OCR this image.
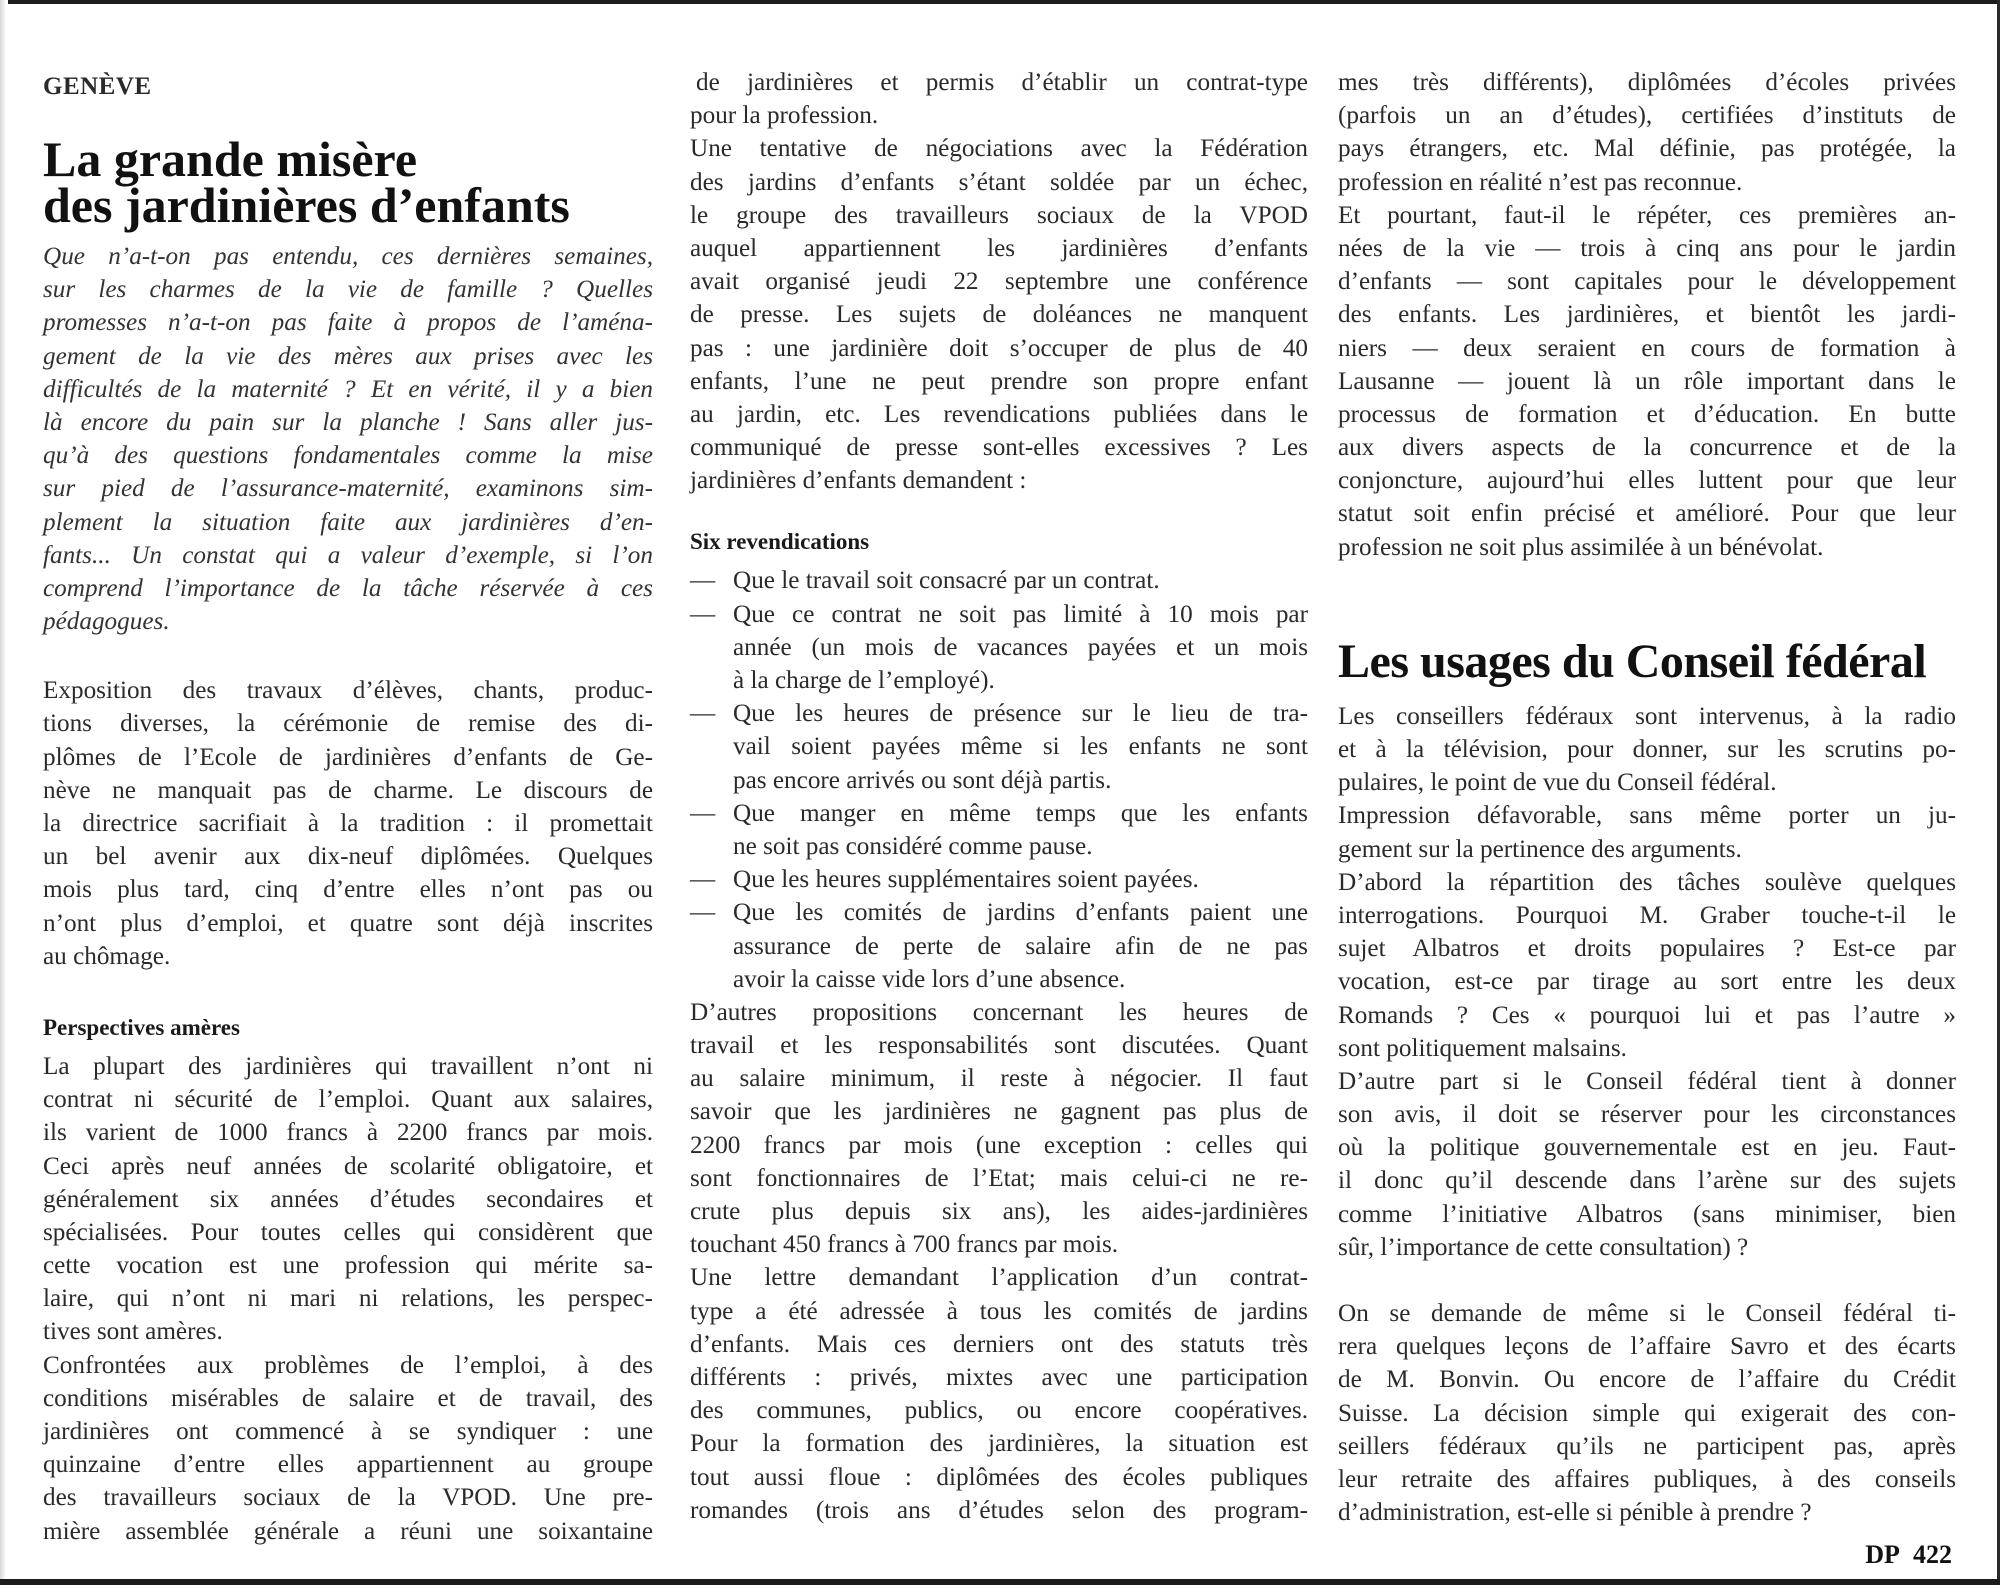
GENÈVE
La grande misère
des jardinières d’enfants
Que n’a-t-on pas entendu, ces dernières semaines,
sur les charmes de la vie de famille ? Quelles
promesses n’a-t-on pas faite à propos de l’aména-
gement de la vie des mères aux prises avec les
difficultés de la maternité ? Et en vérité, il y a bien
là encore du pain sur la planche ! Sans aller jus-
qu’à des questions fondamentales comme la mise
sur pied de l’assurance-maternité, examinons sim-
plement la situation faite aux jardinières d’en-
fants... Un constat qui a valeur d’exemple, si l’on
comprend l’importance de la tâche réservée à ces
pédagogues.
Exposition des travaux d’élèves, chants, produc-
tions diverses, la cérémonie de remise des di-
plômes de l’Ecole de jardinières d’enfants de Ge-
nève ne manquait pas de charme. Le discours de
la directrice sacrifiait à la tradition : il promettait
un bel avenir aux dix-neuf diplômées. Quelques
mois plus tard, cinq d’entre elles n’ont pas ou
n’ont plus d’emploi, et quatre sont déjà inscrites
au chômage.
Perspectives amères
La plupart des jardinières qui travaillent n’ont ni
contrat ni sécurité de l’emploi. Quant aux salaires,
ils varient de 1000 francs à 2200 francs par mois.
Ceci après neuf années de scolarité obligatoire, et
généralement six années d’études secondaires et
spécialisées. Pour toutes celles qui considèrent que
cette vocation est une profession qui mérite sa-
laire, qui n’ont ni mari ni relations, les perspec-
tives sont amères.
Confrontées aux problèmes de l’emploi, à des
conditions misérables de salaire et de travail, des
jardinières ont commencé à se syndiquer : une
quinzaine d’entre elles appartiennent au groupe
des travailleurs sociaux de la VPOD. Une pre-
mière assemblée générale a réuni une soixantaine
de jardinières et permis d’établir un contrat-type
pour la profession.
Une tentative de négociations avec la Fédération
des jardins d’enfants s’étant soldée par un échec,
le groupe des travailleurs sociaux de la VPOD
auquel appartiennent les jardinières d’enfants
avait organisé jeudi 22 septembre une conférence
de presse. Les sujets de doléances ne manquent
pas : une jardinière doit s’occuper de plus de 40
enfants, l’une ne peut prendre son propre enfant
au jardin, etc. Les revendications publiées dans le
communiqué de presse sont-elles excessives ? Les
jardinières d’enfants demandent :
Six revendications
— Que le travail soit consacré par un contrat.
— Que ce contrat ne soit pas limité à 10 mois par
année (un mois de vacances payées et un mois
à la charge de l’employé).
— Que les heures de présence sur le lieu de tra-
vail soient payées même si les enfants ne sont
pas encore arrivés ou sont déjà partis.
— Que manger en même temps que les enfants
ne soit pas considéré comme pause.
— Que les heures supplémentaires soient payées.
— Que les comités de jardins d’enfants paient une
assurance de perte de salaire afin de ne pas
avoir la caisse vide lors d’une absence.
D’autres propositions concernant les heures de
travail et les responsabilités sont discutées. Quant
au salaire minimum, il reste à négocier. Il faut
savoir que les jardinières ne gagnent pas plus de
2200 francs par mois (une exception : celles qui
sont fonctionnaires de l’Etat; mais celui-ci ne re-
crute plus depuis six ans), les aides-jardinières
touchant 450 francs à 700 francs par mois.
Une lettre demandant l’application d’un contrat-
type a été adressée à tous les comités de jardins
d’enfants. Mais ces derniers ont des statuts très
différents : privés, mixtes avec une participation
des communes, publics, ou encore coopératives.
Pour la formation des jardinières, la situation est
tout aussi floue : diplômées des écoles publiques
romandes (trois ans d’études selon des program-
mes très différents), diplômées d’écoles privées
(parfois un an d’études), certifiées d’instituts de
pays étrangers, etc. Mal définie, pas protégée, la
profession en réalité n’est pas reconnue.
Et pourtant, faut-il le répéter, ces premières an-
nées de la vie — trois à cinq ans pour le jardin
d’enfants — sont capitales pour le développement
des enfants. Les jardinières, et bientôt les jardi-
niers — deux seraient en cours de formation à
Lausanne — jouent là un rôle important dans le
processus de formation et d’éducation. En butte
aux divers aspects de la concurrence et de la
conjoncture, aujourd’hui elles luttent pour que leur
statut soit enfin précisé et amélioré. Pour que leur
profession ne soit plus assimilée à un bénévolat.
Les usages du Conseil fédéral
Les conseillers fédéraux sont intervenus, à la radio
et à la télévision, pour donner, sur les scrutins po-
pulaires, le point de vue du Conseil fédéral.
Impression défavorable, sans même porter un ju-
gement sur la pertinence des arguments.
D’abord la répartition des tâches soulève quelques
interrogations. Pourquoi M. Graber touche-t-il le
sujet Albatros et droits populaires ? Est-ce par
vocation, est-ce par tirage au sort entre les deux
Romands ? Ces « pourquoi lui et pas l’autre »
sont politiquement malsains.
D’autre part si le Conseil fédéral tient à donner
son avis, il doit se réserver pour les circonstances
où la politique gouvernementale est en jeu. Faut-
il donc qu’il descende dans l’arène sur des sujets
comme l’initiative Albatros (sans minimiser, bien
sûr, l’importance de cette consultation) ?
On se demande de même si le Conseil fédéral ti-
rera quelques leçons de l’affaire Savro et des écarts
de M. Bonvin. Ou encore de l’affaire du Crédit
Suisse. La décision simple qui exigerait des con-
seillers fédéraux qu’ils ne participent pas, après
leur retraite des affaires publiques, à des conseils
d’administration, est-elle si pénible à prendre ?
DP 422
